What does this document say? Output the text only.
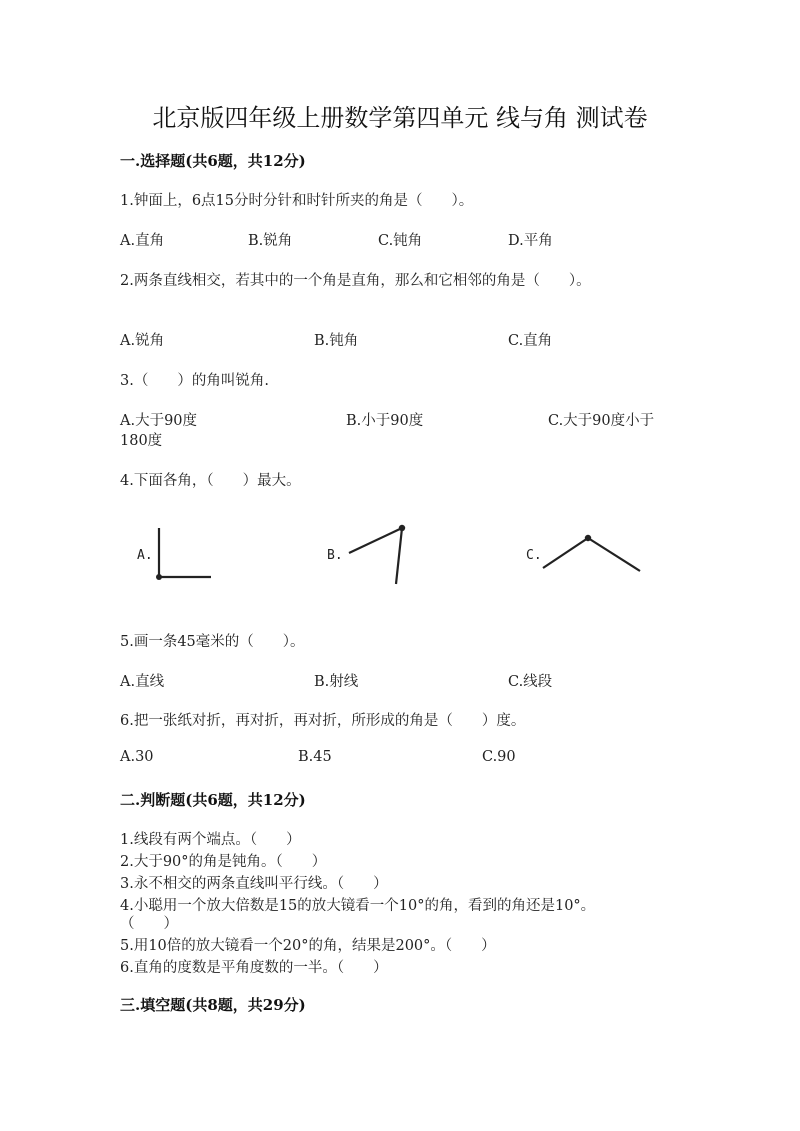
北京版四年级上册数学第四单元 线与角 测试卷
一.选择题(共6题，共12分)
1.钟面上，6点15分时分针和时针所夹的角是（　　）。
A.直角	B.锐角	C.钝角	D.平角
2.两条直线相交，若其中的一个角是直角，那么和它相邻的角是（　　）。
A.锐角	B.钝角	C.直角
3.（　　）的角叫锐角.
A.大于90度	B.小于90度	C.大于90度小于
180度
4.下面各角，（　　）最大。
A.	B.	C.
5.画一条45毫米的（　　）。
A.直线	B.射线	C.线段
6.把一张纸对折，再对折，再对折，所形成的角是（　　）度。
A.30	B.45	C.90
二.判断题(共6题，共12分)
1.线段有两个端点。（　　）
2.大于90°的角是钝角。（　　）
3.永不相交的两条直线叫平行线。（　　）
4.小聪用一个放大倍数是15的放大镜看一个10°的角，看到的角还是10°。
（　　）
5.用10倍的放大镜看一个20°的角，结果是200°。（　　）
6.直角的度数是平角度数的一半。（　　）
三.填空题(共8题，共29分)
